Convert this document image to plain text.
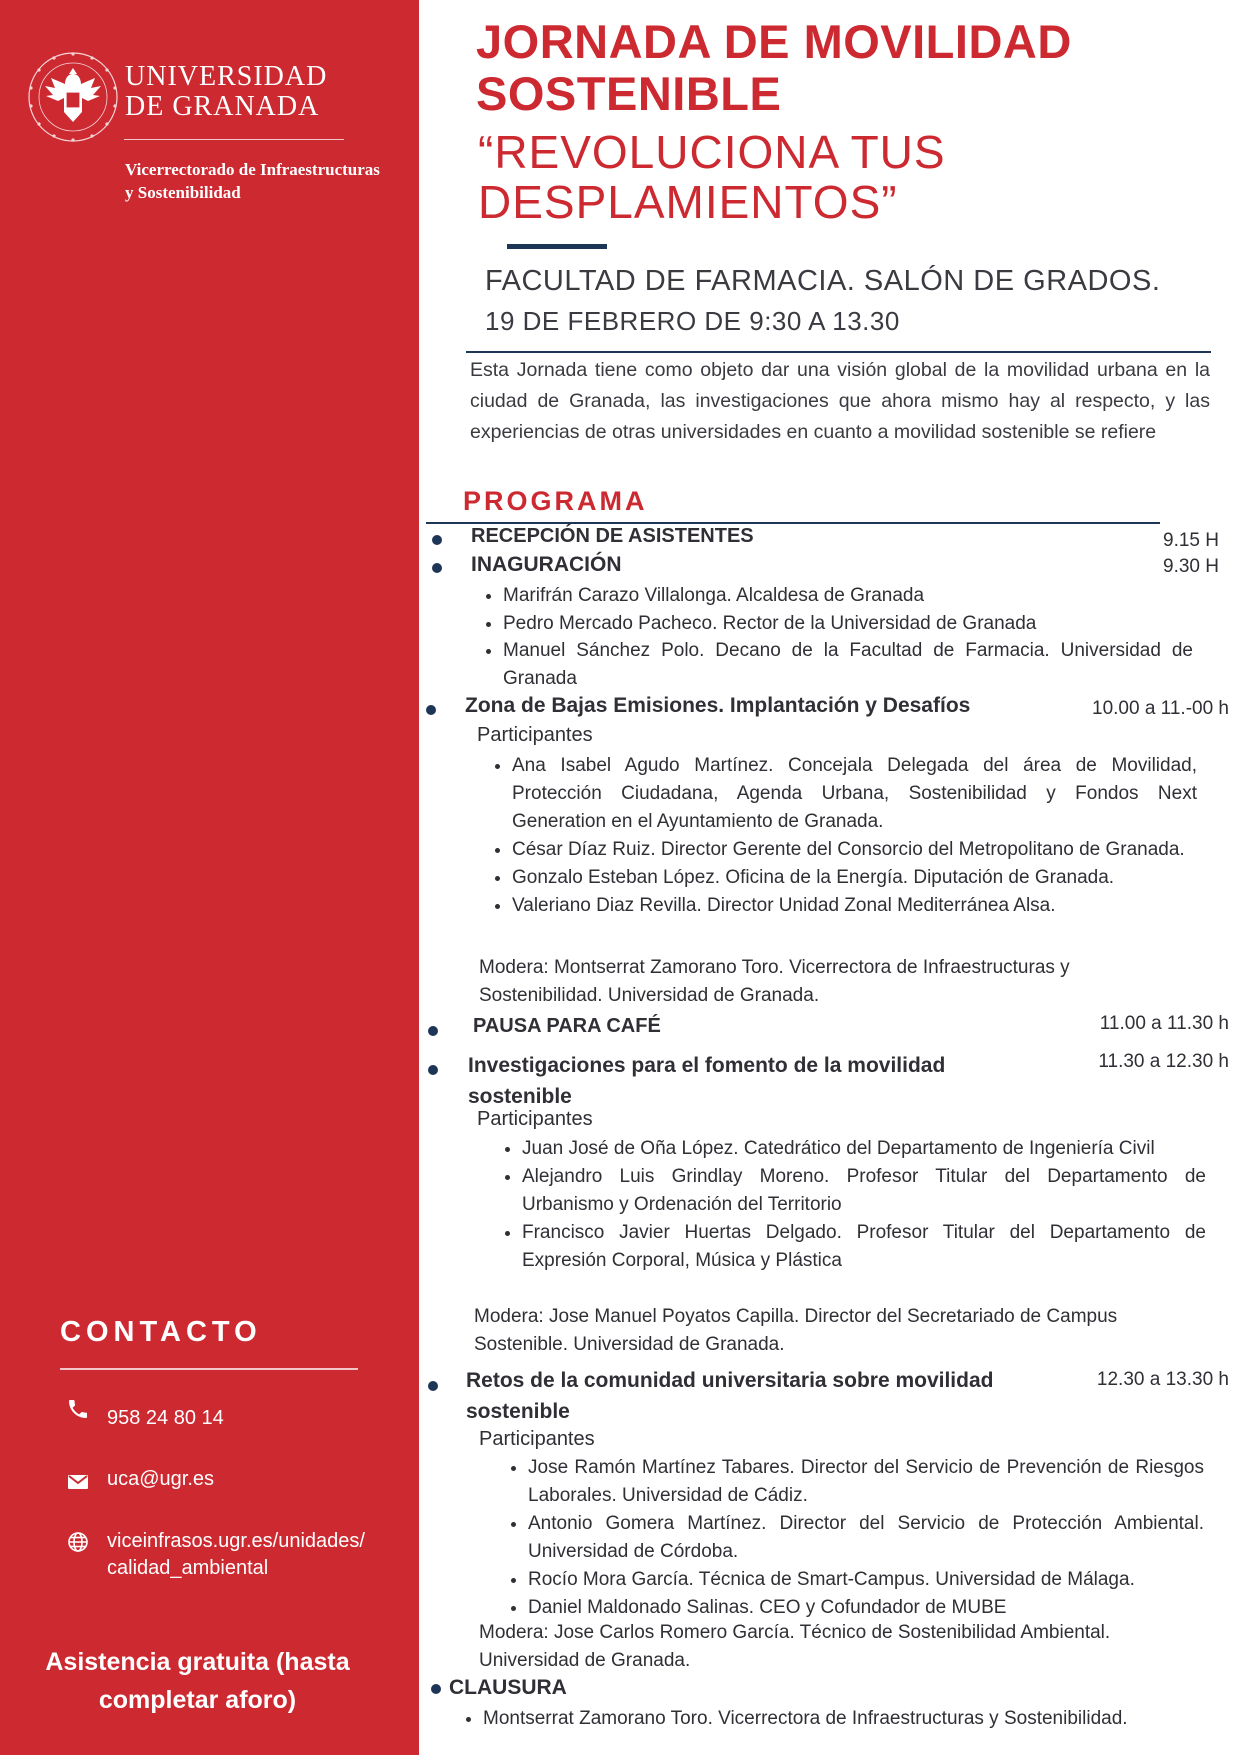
UNIVERSIDAD
DE GRANADA
Vicerrectorado de Infraestructuras
y Sostenibilidad
CONTACTO
958 24 80 14
uca@ugr.es
viceinfrasos.ugr.es/unidades/
calidad_ambiental
Asistencia gratuita (hasta
completar aforo)
JORNADA DE MOVILIDAD
SOSTENIBLE
“REVOLUCIONA TUS
DESPLAMIENTOS”
FACULTAD DE FARMACIA. SALÓN DE GRADOS.
19 DE FEBRERO DE 9:30 A 13.30
Esta Jornada tiene como objeto dar una visión global de la movilidad urbana en la ciudad de Granada, las investigaciones que ahora mismo hay al respecto, y las experiencias de otras universidades en cuanto a movilidad sostenible se refiere
PROGRAMA
RECEPCIÓN DE ASISTENTES	9.15 H
INAGURACIÓN	9.30 H
• Marifrán Carazo Villalonga. Alcaldesa de Granada
• Pedro Mercado Pacheco. Rector de la Universidad de Granada
• Manuel Sánchez Polo. Decano de la Facultad de Farmacia. Universidad de Granada
Zona de Bajas Emisiones. Implantación y Desafíos	10.00 a 11.-00 h
Participantes
• Ana Isabel Agudo Martínez. Concejala Delegada del área de Movilidad, Protección Ciudadana, Agenda Urbana, Sostenibilidad y Fondos Next Generation en el Ayuntamiento de Granada.
• César Díaz Ruiz. Director Gerente del Consorcio del Metropolitano de Granada.
• Gonzalo Esteban López. Oficina de la Energía. Diputación de Granada.
• Valeriano Diaz Revilla. Director Unidad Zonal Mediterránea Alsa.
Modera: Montserrat Zamorano Toro. Vicerrectora de Infraestructuras y
Sostenibilidad. Universidad de Granada.
PAUSA PARA CAFÉ	11.00 a 11.30 h
Investigaciones para el fomento de la movilidad
sostenible
11.30 a 12.30 h
Participantes
• Juan José de Oña López. Catedrático del Departamento de Ingeniería Civil
• Alejandro Luis Grindlay Moreno. Profesor Titular del Departamento de Urbanismo y Ordenación del Territorio
• Francisco Javier Huertas Delgado. Profesor Titular del Departamento de Expresión Corporal, Música y Plástica
Modera: Jose Manuel Poyatos Capilla. Director del Secretariado de Campus
Sostenible. Universidad de Granada.
Retos de la comunidad universitaria sobre movilidad
sostenible
12.30 a 13.30 h
Participantes
• Jose Ramón Martínez Tabares. Director del Servicio de Prevención de Riesgos Laborales. Universidad de Cádiz.
• Antonio Gomera Martínez. Director del Servicio de Protección Ambiental. Universidad de Córdoba.
• Rocío Mora García. Técnica de Smart-Campus. Universidad de Málaga.
• Daniel Maldonado Salinas. CEO y Cofundador de MUBE
Modera: Jose Carlos Romero García. Técnico de Sostenibilidad Ambiental.
Universidad de Granada.
CLAUSURA
• Montserrat Zamorano Toro. Vicerrectora de Infraestructuras y Sostenibilidad.
